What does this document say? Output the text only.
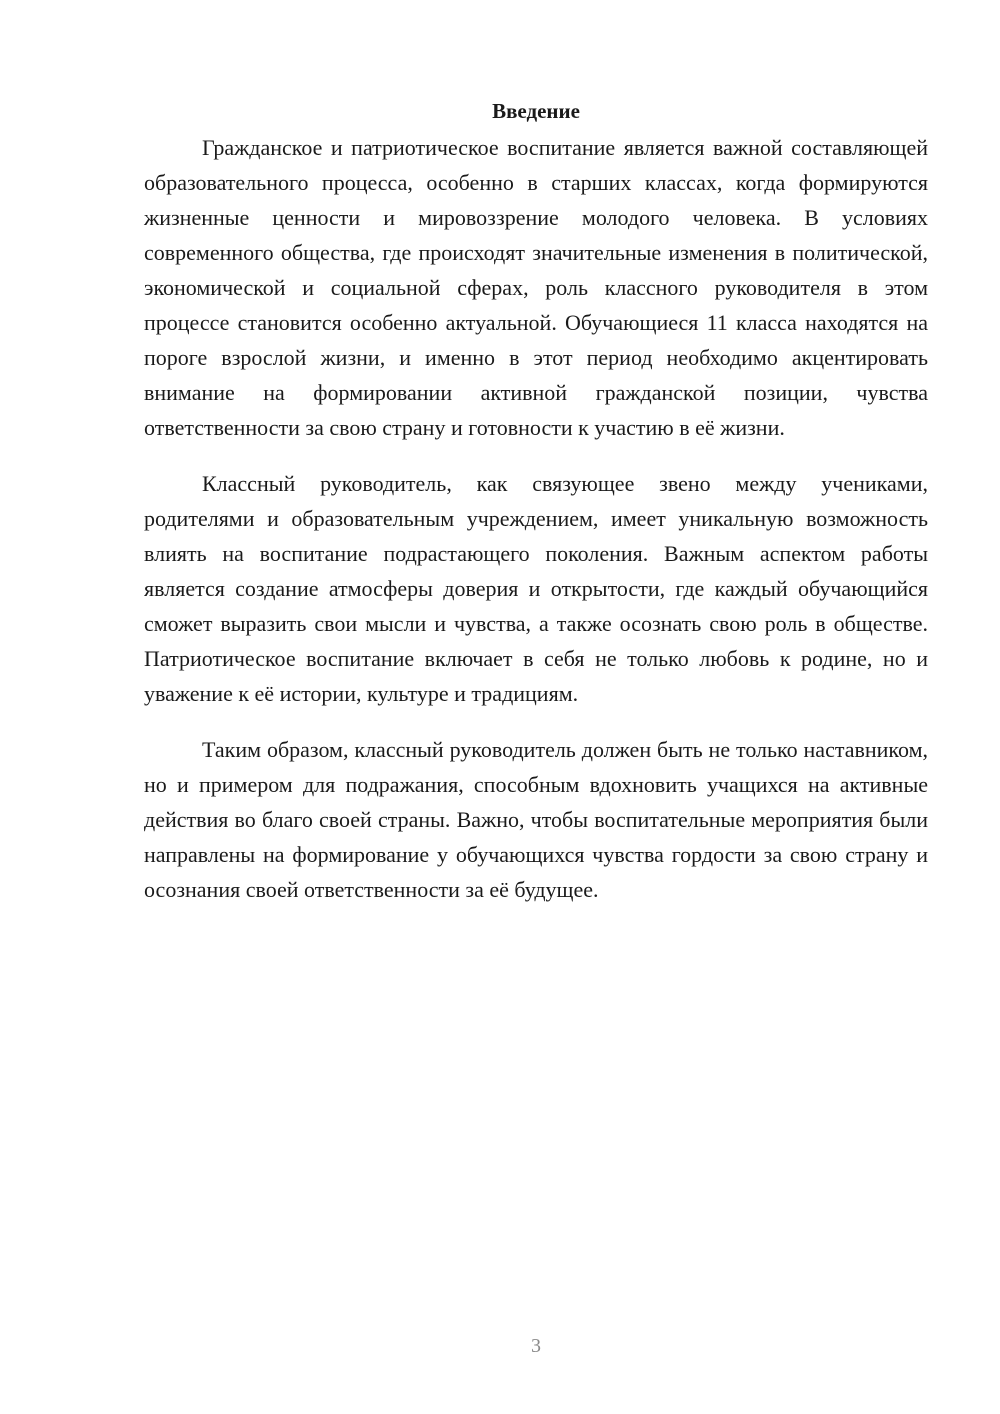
Введение

Гражданское и патриотическое воспитание является важной составляющей образовательного процесса, особенно в старших классах, когда формируются жизненные ценности и мировоззрение молодого человека. В условиях современного общества, где происходят значительные изменения в политической, экономической и социальной сферах, роль классного руководителя в этом процессе становится особенно актуальной. Обучающиеся 11 класса находятся на пороге взрослой жизни, и именно в этот период необходимо акцентировать внимание на формировании активной гражданской позиции, чувства ответственности за свою страну и готовности к участию в её жизни.

Классный руководитель, как связующее звено между учениками, родителями и образовательным учреждением, имеет уникальную возможность влиять на воспитание подрастающего поколения. Важным аспектом работы является создание атмосферы доверия и открытости, где каждый обучающийся сможет выразить свои мысли и чувства, а также осознать свою роль в обществе. Патриотическое воспитание включает в себя не только любовь к родине, но и уважение к её истории, культуре и традициям.

Таким образом, классный руководитель должен быть не только наставником, но и примером для подражания, способным вдохновить учащихся на активные действия во благо своей страны. Важно, чтобы воспитательные мероприятия были направлены на формирование у обучающихся чувства гордости за свою страну и осознания своей ответственности за её будущее.

3
